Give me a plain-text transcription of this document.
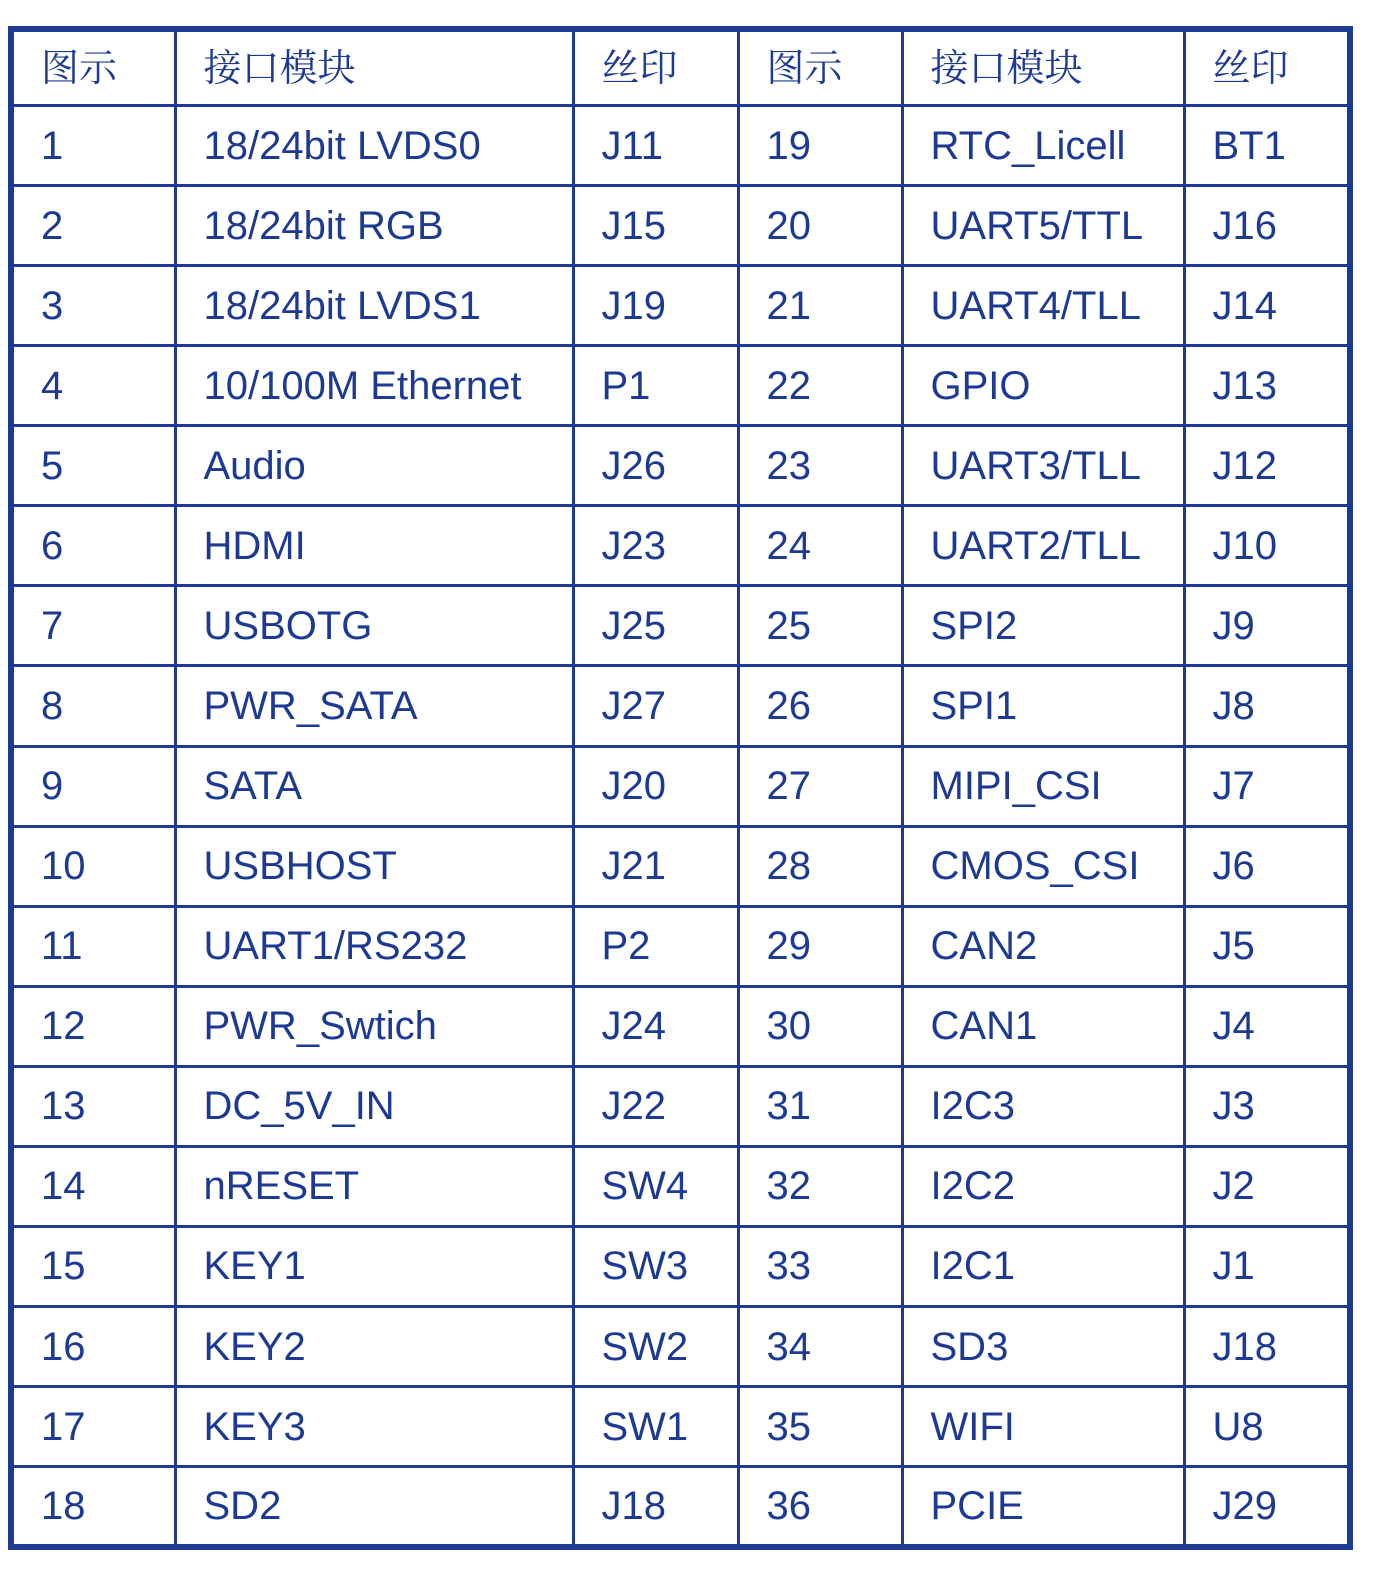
图示	接口模块	丝印	图示	接口模块	丝印
1	18/24bit LVDS0	J11	19	RTC_Licell	BT1
2	18/24bit RGB	J15	20	UART5/TTL	J16
3	18/24bit LVDS1	J19	21	UART4/TLL	J14
4	10/100M Ethernet	P1	22	GPIO	J13
5	Audio	J26	23	UART3/TLL	J12
6	HDMI	J23	24	UART2/TLL	J10
7	USBOTG	J25	25	SPI2	J9
8	PWR_SATA	J27	26	SPI1	J8
9	SATA	J20	27	MIPI_CSI	J7
10	USBHOST	J21	28	CMOS_CSI	J6
11	UART1/RS232	P2	29	CAN2	J5
12	PWR_Swtich	J24	30	CAN1	J4
13	DC_5V_IN	J22	31	I2C3	J3
14	nRESET	SW4	32	I2C2	J2
15	KEY1	SW3	33	I2C1	J1
16	KEY2	SW2	34	SD3	J18
17	KEY3	SW1	35	WIFI	U8
18	SD2	J18	36	PCIE	J29
